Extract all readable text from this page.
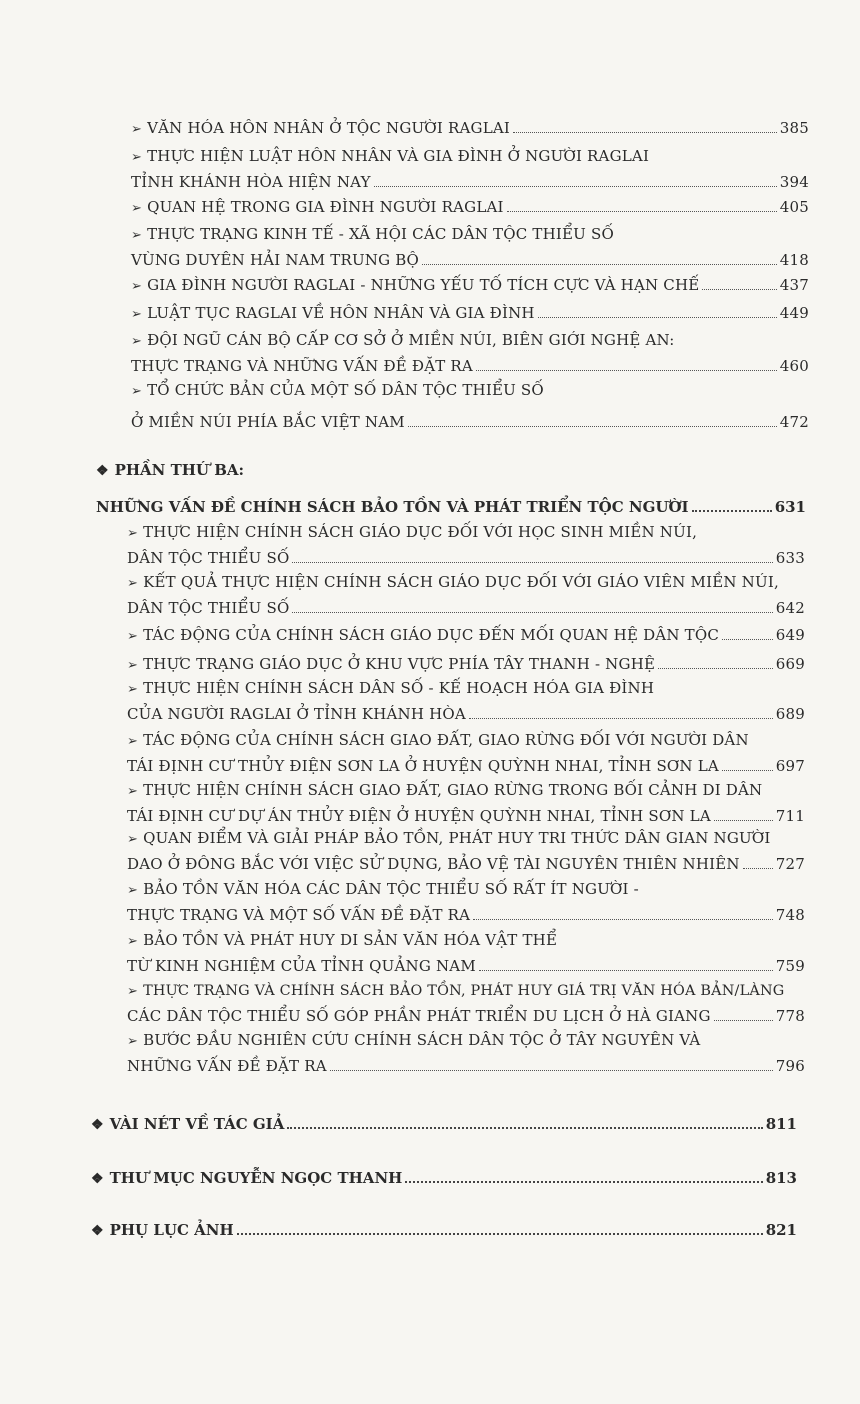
➢ VĂN HÓA HÔN NHÂN Ở TỘC NGƯỜI RAGLAI	385
➢ THỰC HIỆN LUẬT HÔN NHÂN VÀ GIA ĐÌNH Ở NGƯỜI RAGLAI
TỈNH KHÁNH HÒA HIỆN NAY	394
➢ QUAN HỆ TRONG GIA ĐÌNH NGƯỜI RAGLAI	405
➢ THỰC TRẠNG KINH TẾ - XÃ HỘI CÁC DÂN TỘC THIỂU SỐ
VÙNG DUYÊN HẢI NAM TRUNG BỘ	418
➢ GIA ĐÌNH NGƯỜI RAGLAI - NHỮNG YẾU TỐ TÍCH CỰC VÀ HẠN CHẾ	437
➢ LUẬT TỤC RAGLAI VỀ HÔN NHÂN VÀ GIA ĐÌNH	449
➢ ĐỘI NGŨ CÁN BỘ CẤP CƠ SỞ Ở MIỀN NÚI, BIÊN GIỚI NGHỆ AN:
THỰC TRẠNG VÀ NHỮNG VẤN ĐỀ ĐẶT RA	460
➢ TỔ CHỨC BẢN CỦA MỘT SỐ DÂN TỘC THIỂU SỐ
Ở MIỀN NÚI PHÍA BẮC VIỆT NAM	472
❖ PHẦN THỨ BA:
NHỮNG VẤN ĐỀ CHÍNH SÁCH BẢO TỒN VÀ PHÁT TRIỂN TỘC NGƯỜI	631
➢ THỰC HIỆN CHÍNH SÁCH GIÁO DỤC ĐỐI VỚI HỌC SINH MIỀN NÚI,
DÂN TỘC THIỂU SỐ	633
➢ KẾT QUẢ THỰC HIỆN CHÍNH SÁCH GIÁO DỤC ĐỐI VỚI GIÁO VIÊN MIỀN NÚI,
DÂN TỘC THIỂU SỐ	642
➢ TÁC ĐỘNG CỦA CHÍNH SÁCH GIÁO DỤC ĐẾN MỐI QUAN HỆ DÂN TỘC	649
➢ THỰC TRẠNG GIÁO DỤC Ở KHU VỰC PHÍA TÂY THANH - NGHỆ	669
➢ THỰC HIỆN CHÍNH SÁCH DÂN SỐ - KẾ HOẠCH HÓA GIA ĐÌNH
CỦA NGƯỜI RAGLAI Ở TỈNH KHÁNH HÒA	689
➢ TÁC ĐỘNG CỦA CHÍNH SÁCH GIAO ĐẤT, GIAO RỪNG ĐỐI VỚI NGƯỜI DÂN
TÁI ĐỊNH CƯ THỦY ĐIỆN SƠN LA Ở HUYỆN QUỲNH NHAI, TỈNH SƠN LA	697
➢ THỰC HIỆN CHÍNH SÁCH GIAO ĐẤT, GIAO RỪNG TRONG BỐI CẢNH DI DÂN
TÁI ĐỊNH CƯ DỰ ÁN THỦY ĐIỆN Ở HUYỆN QUỲNH NHAI, TỈNH SƠN LA	711
➢ QUAN ĐIỂM VÀ GIẢI PHÁP BẢO TỒN, PHÁT HUY TRI THỨC DÂN GIAN NGƯỜI
DAO Ở ĐÔNG BẮC VỚI VIỆC SỬ DỤNG, BẢO VỆ TÀI NGUYÊN THIÊN NHIÊN 727
➢ BẢO TỒN VĂN HÓA CÁC DÂN TỘC THIỂU SỐ RẤT ÍT NGƯỜI -
THỰC TRẠNG VÀ MỘT SỐ VẤN ĐỀ ĐẶT RA	748
➢ BẢO TỒN VÀ PHÁT HUY DI SẢN VĂN HÓA VẬT THỂ
TỪ KINH NGHIỆM CỦA TỈNH QUẢNG NAM	759
➢ THỰC TRẠNG VÀ CHÍNH SÁCH BẢO TỒN, PHÁT HUY GIÁ TRỊ VĂN HÓA BẢN/LÀNG
CÁC DÂN TỘC THIỂU SỐ GÓP PHẦN PHÁT TRIỂN DU LỊCH Ở HÀ GIANG	778
➢ BƯỚC ĐẦU NGHIÊN CỨU CHÍNH SÁCH DÂN TỘC Ở TÂY NGUYÊN VÀ
NHỮNG VẤN ĐỀ ĐẶT RA	796
❖ VÀI NÉT VỀ TÁC GIẢ	811
❖ THƯ MỤC NGUYỄN NGỌC THANH	813
❖ PHỤ LỤC ẢNH	821
